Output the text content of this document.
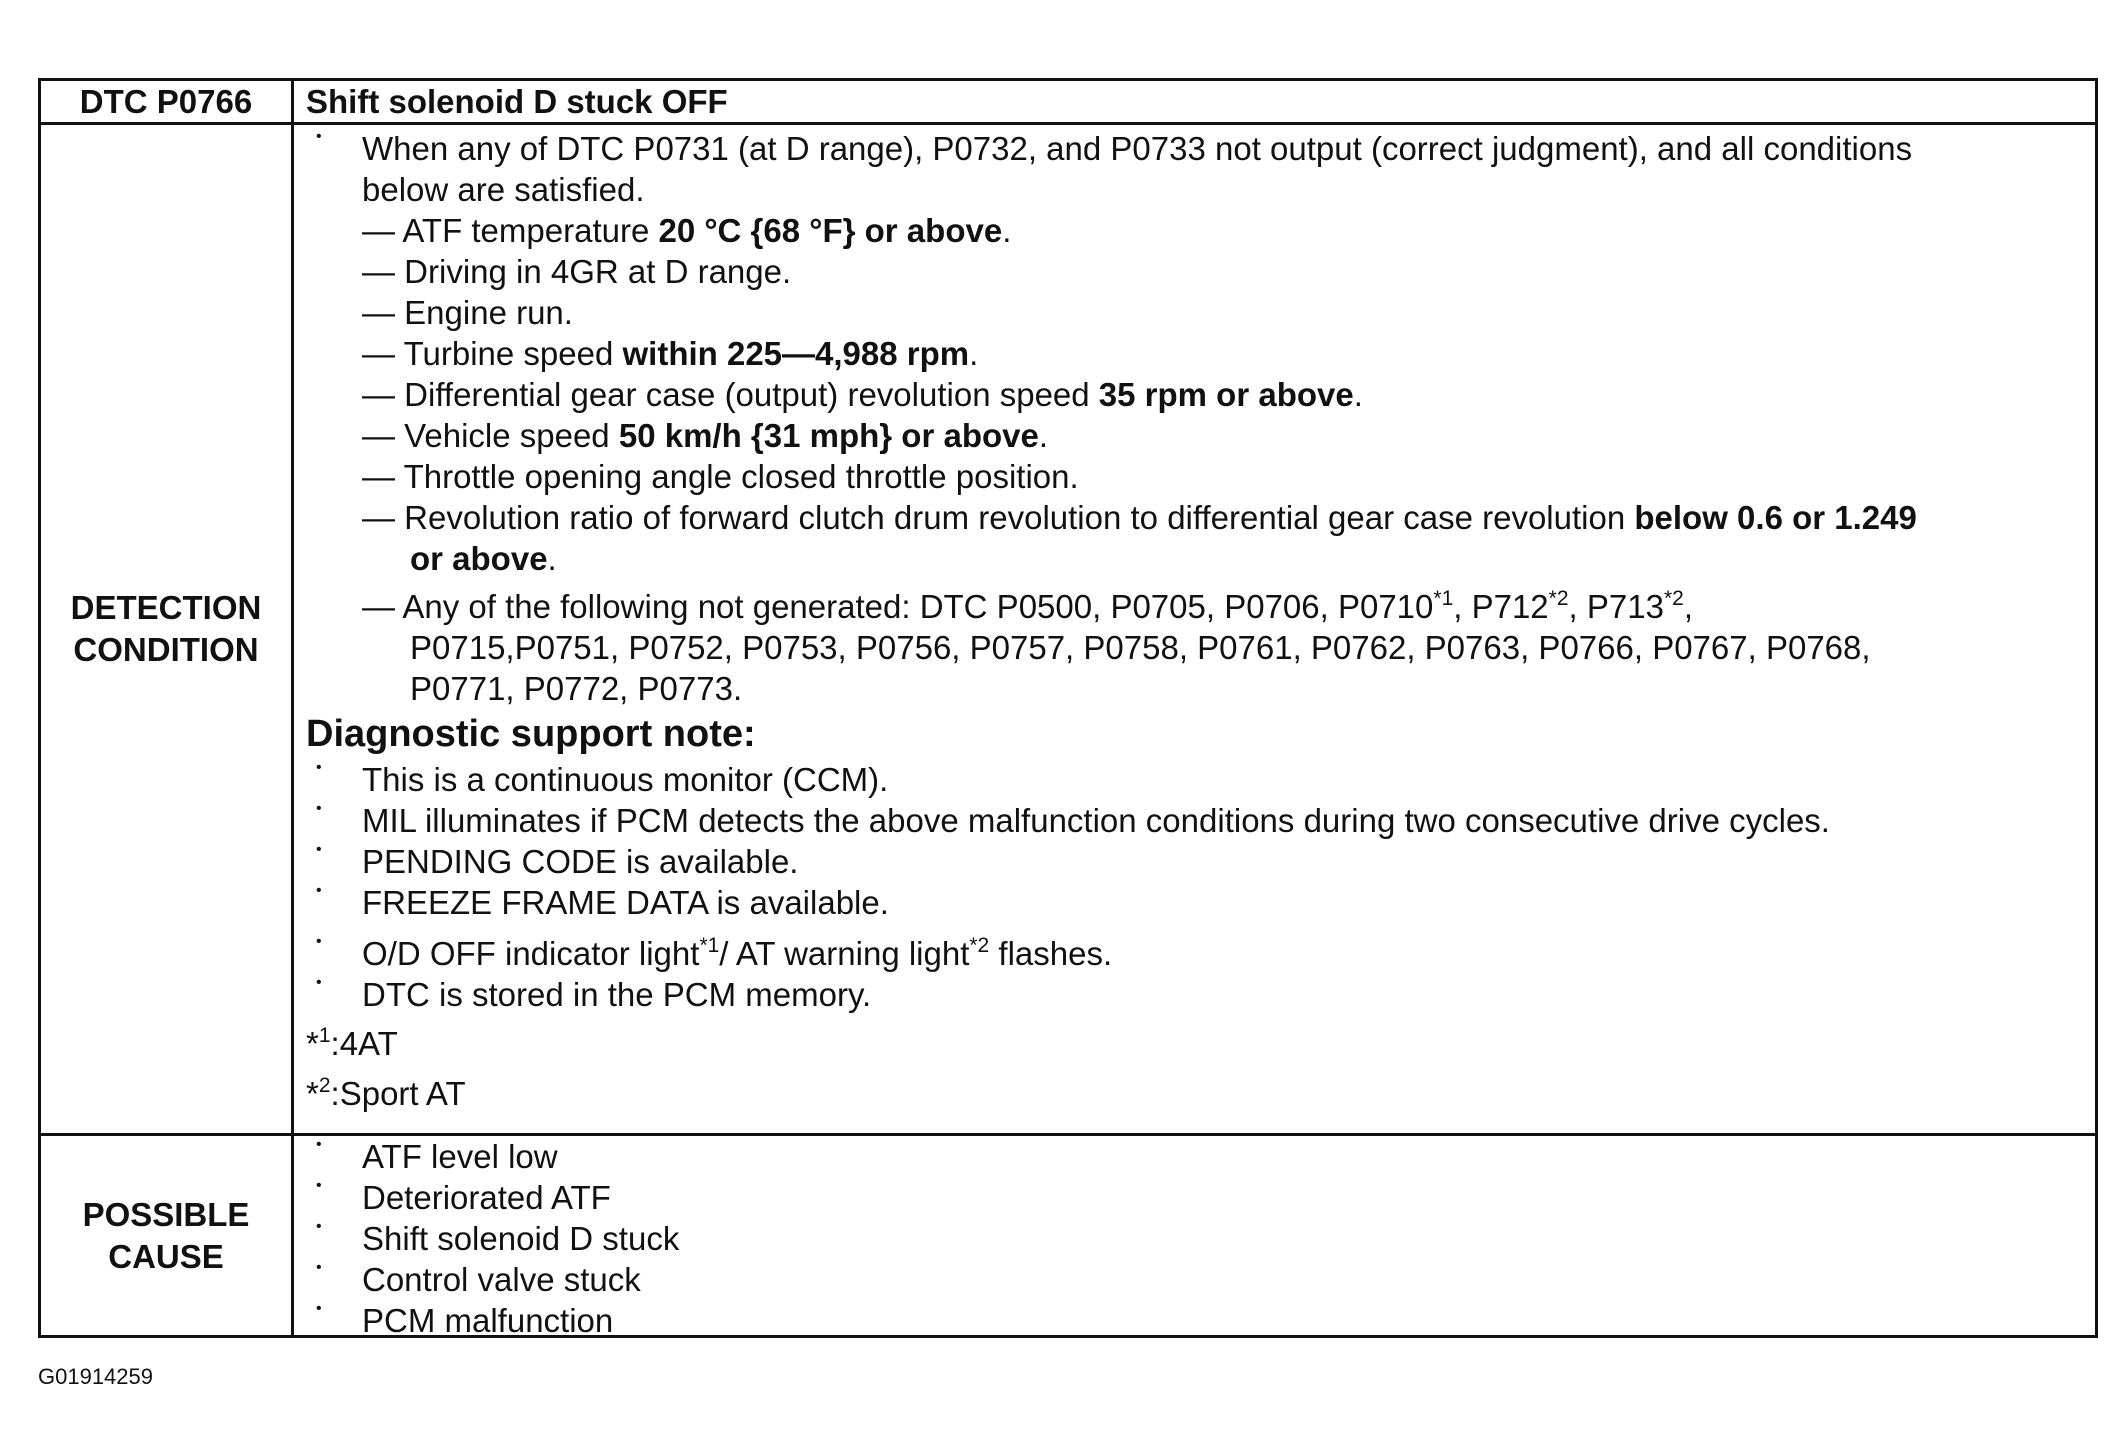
DTC P0766 Shift solenoid D stuck OFF
DETECTION
CONDITION
• When any of DTC P0731 (at D range), P0732, and P0733 not output (correct judgment), and all conditions
below are satisfied.
— ATF temperature 20 °C {68 °F} or above.
— Driving in 4GR at D range.
— Engine run.
— Turbine speed within 225—4,988 rpm.
— Differential gear case (output) revolution speed 35 rpm or above.
— Vehicle speed 50 km/h {31 mph} or above.
— Throttle opening angle closed throttle position.
— Revolution ratio of forward clutch drum revolution to differential gear case revolution below 0.6 or 1.249
or above.
— Any of the following not generated: DTC P0500, P0705, P0706, P0710$^{*1}$, P712$^{*2}$, P713$^{*2}$,
P0715,P0751, P0752, P0753, P0756, P0757, P0758, P0761, P0762, P0763, P0766, P0767, P0768,
P0771, P0772, P0773.
Diagnostic support note:
• This is a continuous monitor (CCM).
• MIL illuminates if PCM detects the above malfunction conditions during two consecutive drive cycles.
• PENDING CODE is available.
• FREEZE FRAME DATA is available.
• O/D OFF indicator light$^{*1}$/ AT warning light$^{*2}$ flashes.
• DTC is stored in the PCM memory.
*$^1$:4AT
*$^2$:Sport AT
POSSIBLE
CAUSE
• ATF level low
• Deteriorated ATF
• Shift solenoid D stuck
• Control valve stuck
• PCM malfunction
G01914259
